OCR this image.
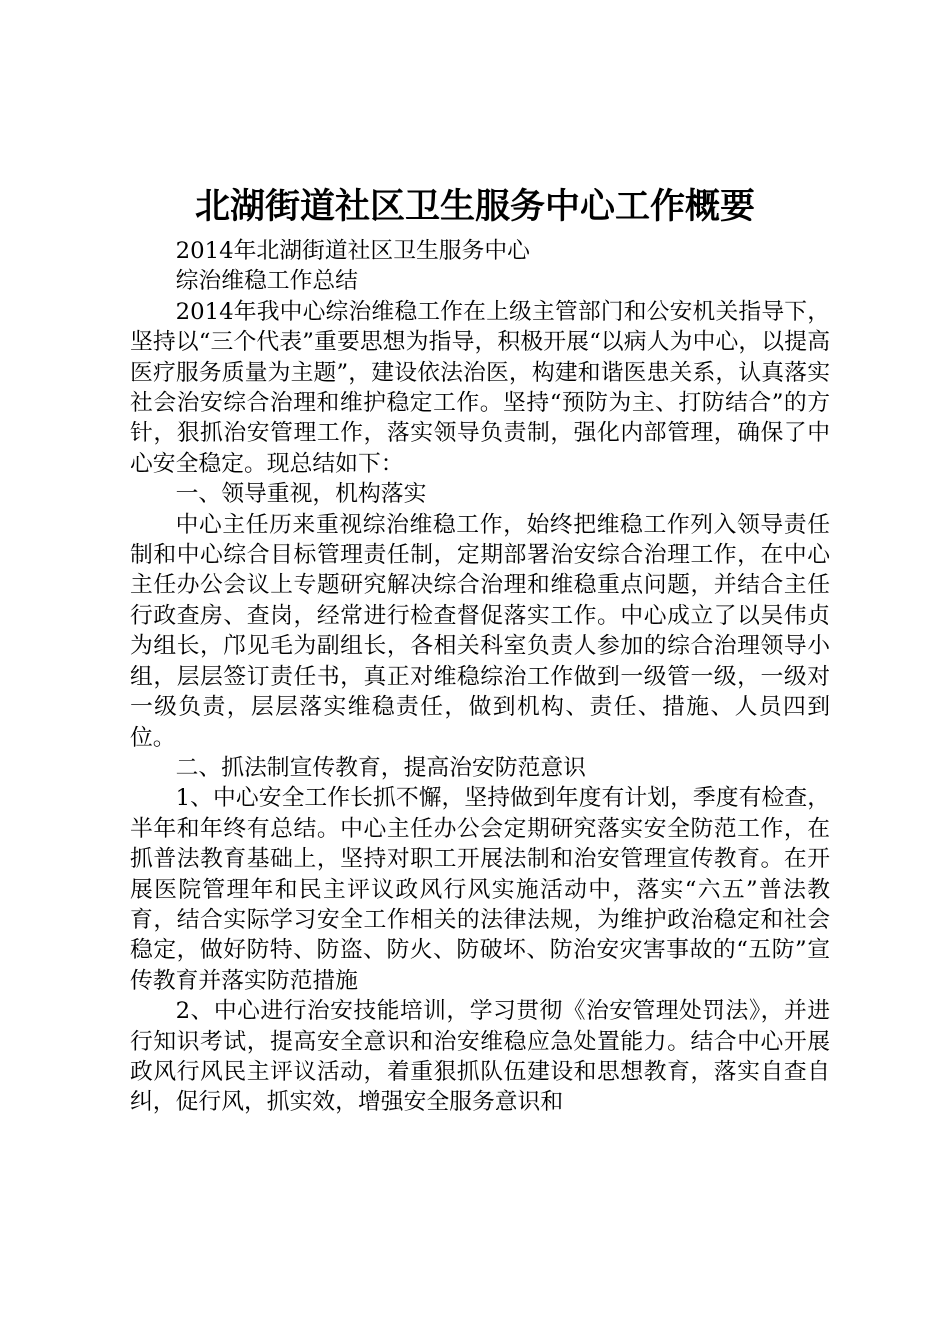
北湖街道社区卫生服务中心工作概要

2014年北湖街道社区卫生服务中心

综治维稳工作总结

2014年我中心综治维稳工作在上级主管部门和公安机关指导下，坚持以“三个代表”重要思想为指导，积极开展“以病人为中心，以提高医疗服务质量为主题”，建设依法治医，构建和谐医患关系，认真落实社会治安综合治理和维护稳定工作。坚持“预防为主、打防结合”的方针，狠抓治安管理工作，落实领导负责制，强化内部管理，确保了中心安全稳定。现总结如下：

一、领导重视，机构落实

中心主任历来重视综治维稳工作，始终把维稳工作列入领导责任制和中心综合目标管理责任制，定期部署治安综合治理工作，在中心主任办公会议上专题研究解决综合治理和维稳重点问题，并结合主任行政查房、查岗，经常进行检查督促落实工作。中心成立了以吴伟贞为组长，邝见毛为副组长，各相关科室负责人参加的综合治理领导小组，层层签订责任书，真正对维稳综治工作做到一级管一级，一级对一级负责，层层落实维稳责任，做到机构、责任、措施、人员四到位。

二、抓法制宣传教育，提高治安防范意识

1、中心安全工作长抓不懈，坚持做到年度有计划，季度有检查，半年和年终有总结。中心主任办公会定期研究落实安全防范工作，在抓普法教育基础上，坚持对职工开展法制和治安管理宣传教育。在开展医院管理年和民主评议政风行风实施活动中，落实“六五”普法教育，结合实际学习安全工作相关的法律法规，为维护政治稳定和社会稳定，做好防特、防盗、防火、防破坏、防治安灾害事故的“五防”宣传教育并落实防范措施

2、中心进行治安技能培训，学习贯彻《治安管理处罚法》，并进行知识考试，提高安全意识和治安维稳应急处置能力。结合中心开展政风行风民主评议活动，着重狠抓队伍建设和思想教育，落实自查自纠，促行风，抓实效，增强安全服务意识和
